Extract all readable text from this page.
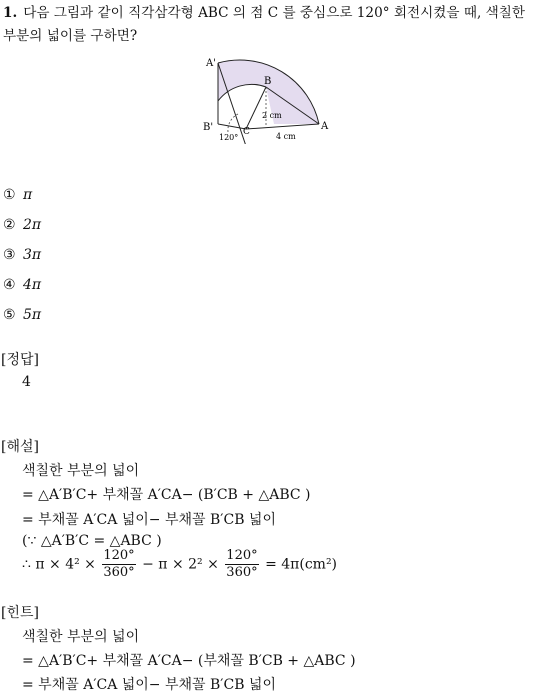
1. 다음 그림과 같이 직각삼각형 ABC 의 점 C 를 중심으로 120° 회전시켰을 때, 색칠한 부분의 넓이를 구하면?
A'
B
B'	C	A
2 cm
4 cm
120°
① π
② 2π
③ 3π
④ 4π
⑤ 5π
[정답]
4
[해설]
색칠한 부분의 넓이
= △A′B′C+ 부채꼴 A′CA− (B′CB + △ABC )
= 부채꼴 A′CA 넓이− 부채꼴 B′CB 넓이
(∵ △A′B′C = △ABC )
∴ $\pi \times 4^2 \times \frac{120^\circ}{360^\circ} - \pi \times 2^2 \times \frac{120^\circ}{360^\circ} = 4\pi(cm^2)$
[힌트]
색칠한 부분의 넓이
= △A′B′C+ 부채꼴 A′CA− (부채꼴 B′CB + △ABC )
= 부채꼴 A′CA 넓이− 부채꼴 B′CB 넓이
